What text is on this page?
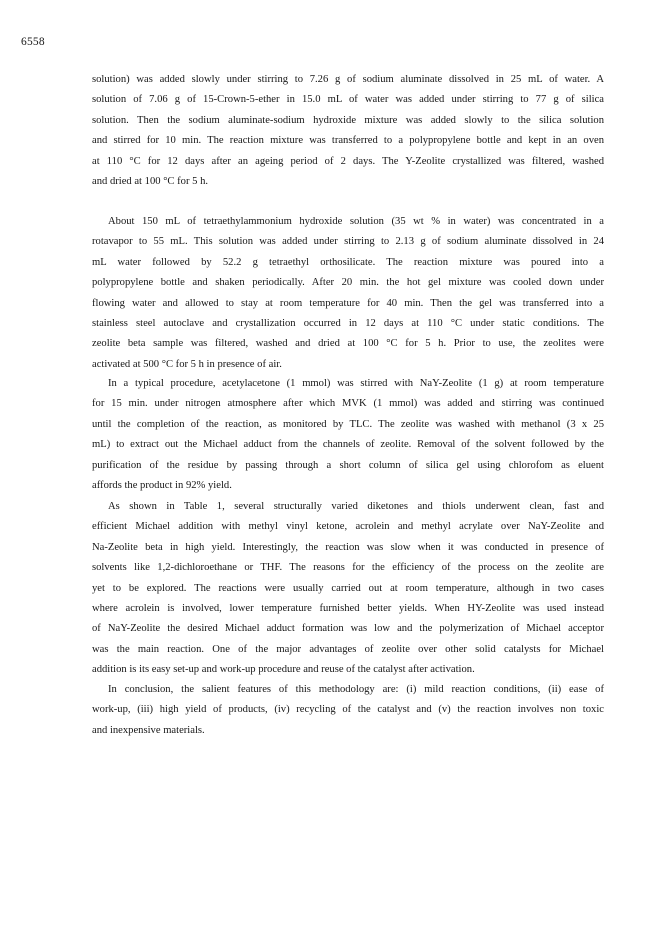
6558
solution) was added slowly under stirring to 7.26 g of sodium aluminate dissolved in 25 mL of water. A
solution of 7.06 g of 15-Crown-5-ether in 15.0 mL of water was added under stirring to 77 g of silica
solution. Then the sodium aluminate-sodium hydroxide mixture was added slowly to the silica solution
and stirred for 10 min. The reaction mixture was transferred to a polypropylene bottle and kept in an oven
at 110 °C for 12 days after an ageing period of 2 days. The Y-Zeolite crystallized was filtered, washed
and dried at 100 °C for 5 h.
About 150 mL of tetraethylammonium hydroxide solution (35 wt % in water) was concentrated in a
rotavapor to 55 mL. This solution was added under stirring to 2.13 g of sodium aluminate dissolved in 24
mL water followed by 52.2 g tetraethyl orthosilicate. The reaction mixture was poured into a
polypropylene bottle and shaken periodically. After 20 min. the hot gel mixture was cooled down under
flowing water and allowed to stay at room temperature for 40 min. Then the gel was transferred into a
stainless steel autoclave and crystallization occurred in 12 days at 110 °C under static conditions. The
zeolite beta sample was filtered, washed and dried at 100 °C for 5 h. Prior to use, the zeolites were
activated at 500 °C for 5 h in presence of air.
In a typical procedure, acetylacetone (1 mmol) was stirred with NaY-Zeolite (1 g) at room temperature
for 15 min. under nitrogen atmosphere after which MVK (1 mmol) was added and stirring was continued
until the completion of the reaction, as monitored by TLC. The zeolite was washed with methanol (3 x 25
mL) to extract out the Michael adduct from the channels of zeolite. Removal of the solvent followed by the
purification of the residue by passing through a short column of silica gel using chlorofom as eluent
affords the product in 92% yield.
As shown in Table 1, several structurally varied diketones and thiols underwent clean, fast and
efficient Michael addition with methyl vinyl ketone, acrolein and methyl acrylate over NaY-Zeolite and
Na-Zeolite beta in high yield. Interestingly, the reaction was slow when it was conducted in presence of
solvents like 1,2-dichloroethane or THF. The reasons for the efficiency of the process on the zeolite are
yet to be explored. The reactions were usually carried out at room temperature, although in two cases
where acrolein is involved, lower temperature furnished better yields. When HY-Zeolite was used instead
of NaY-Zeolite the desired Michael adduct formation was low and the polymerization of Michael acceptor
was the main reaction. One of the major advantages of zeolite over other solid catalysts for Michael
addition is its easy set-up and work-up procedure and reuse of the catalyst after activation.
In conclusion, the salient features of this methodology are: (i) mild reaction conditions, (ii) ease of
work-up, (iii) high yield of products, (iv) recycling of the catalyst and (v) the reaction involves non toxic
and inexpensive materials.
